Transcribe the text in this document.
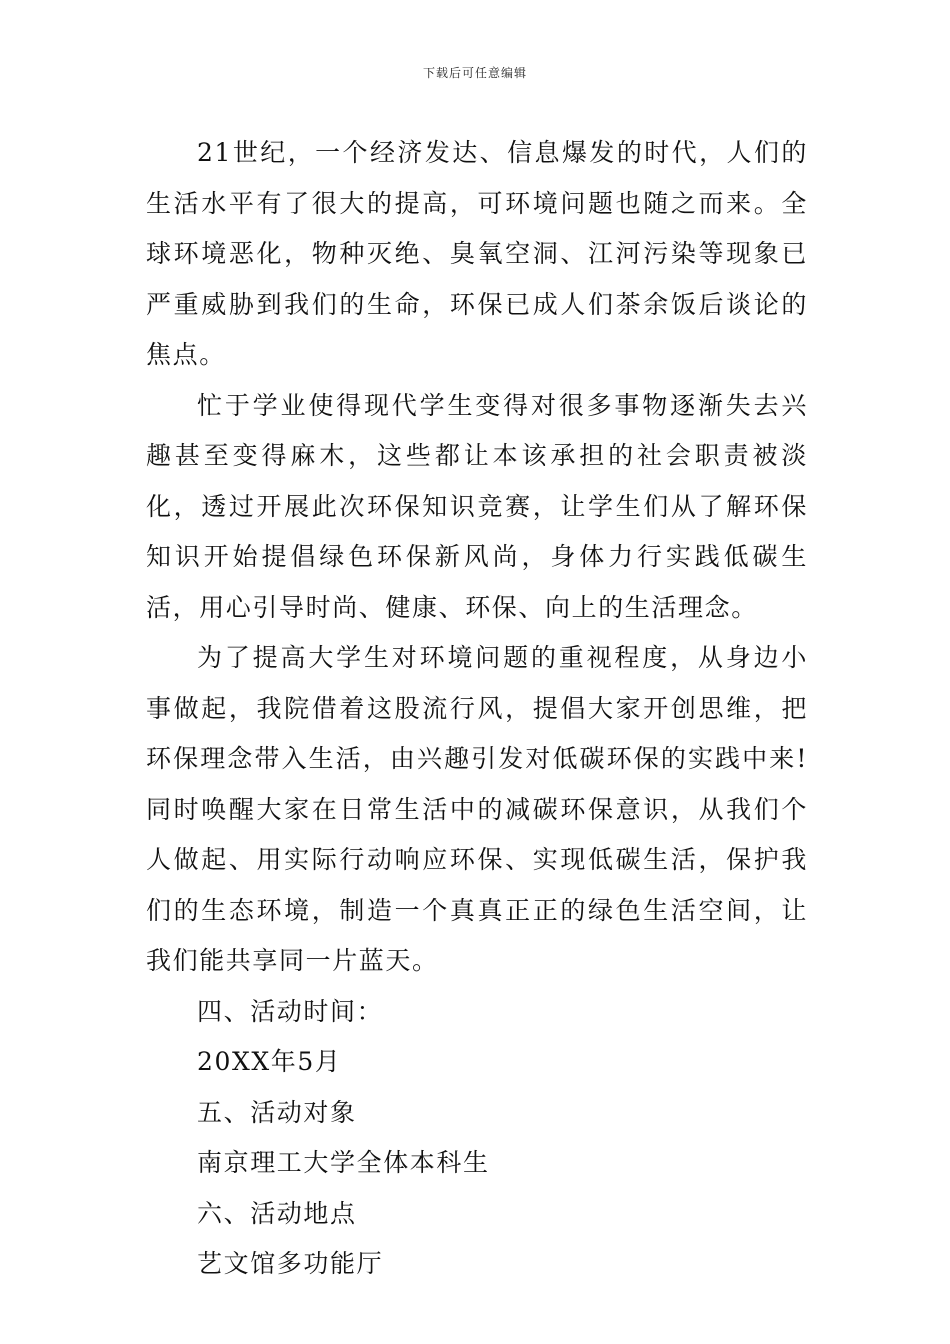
下载后可任意编辑

21世纪，一个经济发达、信息爆发的时代，人们的生活水平有了很大的提高，可环境问题也随之而来。全球环境恶化，物种灭绝、臭氧空洞、江河污染等现象已严重威胁到我们的生命，环保已成人们茶余饭后谈论的焦点。

忙于学业使得现代学生变得对很多事物逐渐失去兴趣甚至变得麻木，这些都让本该承担的社会职责被淡化，透过开展此次环保知识竞赛，让学生们从了解环保知识开始提倡绿色环保新风尚，身体力行实践低碳生活，用心引导时尚、健康、环保、向上的生活理念。

为了提高大学生对环境问题的重视程度，从身边小事做起，我院借着这股流行风，提倡大家开创思维，把环保理念带入生活，由兴趣引发对低碳环保的实践中来!同时唤醒大家在日常生活中的减碳环保意识，从我们个人做起、用实际行动响应环保、实现低碳生活，保护我们的生态环境，制造一个真真正正的绿色生活空间，让我们能共享同一片蓝天。

四、活动时间：

20XX年5月

五、活动对象

南京理工大学全体本科生

六、活动地点

艺文馆多功能厅
